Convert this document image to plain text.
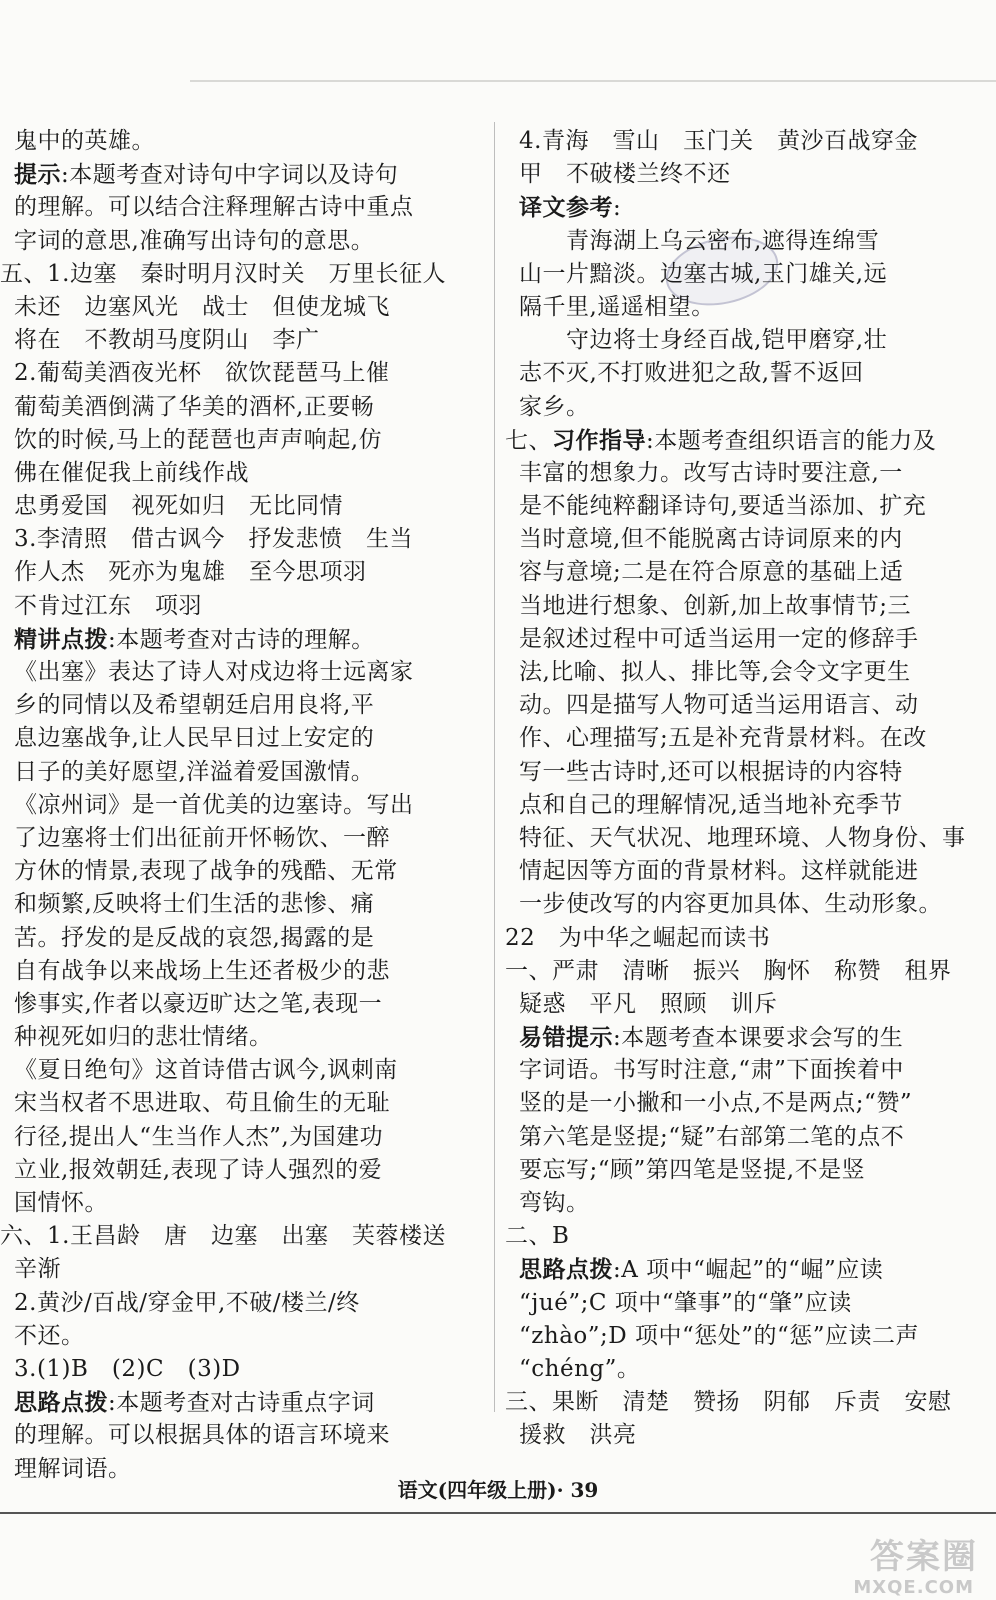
鬼中的英雄。
提示:本题考查对诗句中字词以及诗句
的理解。可以结合注释理解古诗中重点
字词的意思,准确写出诗句的意思。
五、1.边塞　秦时明月汉时关　万里长征人
未还　边塞风光　战士　但使龙城飞
将在　不教胡马度阴山　李广
2.葡萄美酒夜光杯　欲饮琵琶马上催
葡萄美酒倒满了华美的酒杯,正要畅
饮的时候,马上的琵琶也声声响起,仿
佛在催促我上前线作战
忠勇爱国　视死如归　无比同情
3.李清照　借古讽今　抒发悲愤　生当
作人杰　死亦为鬼雄　至今思项羽
不肯过江东　项羽
精讲点拨:本题考查对古诗的理解。
《出塞》表达了诗人对戍边将士远离家
乡的同情以及希望朝廷启用良将,平
息边塞战争,让人民早日过上安定的
日子的美好愿望,洋溢着爱国激情。
《凉州词》是一首优美的边塞诗。写出
了边塞将士们出征前开怀畅饮、一醉
方休的情景,表现了战争的残酷、无常
和频繁,反映将士们生活的悲惨、痛
苦。抒发的是反战的哀怨,揭露的是
自有战争以来战场上生还者极少的悲
惨事实,作者以豪迈旷达之笔,表现一
种视死如归的悲壮情绪。
《夏日绝句》这首诗借古讽今,讽刺南
宋当权者不思进取、苟且偷生的无耻
行径,提出人“生当作人杰”,为国建功
立业,报效朝廷,表现了诗人强烈的爱
国情怀。
六、1.王昌龄　唐　边塞　出塞　芙蓉楼送
辛渐
2.黄沙/百战/穿金甲,不破/楼兰/终
不还。
3.(1)B　(2)C　(3)D
思路点拨:本题考查对古诗重点字词
的理解。可以根据具体的语言环境来
理解词语。
4.青海　雪山　玉门关　黄沙百战穿金
甲　不破楼兰终不还
译文参考:
　　青海湖上乌云密布,遮得连绵雪
山一片黯淡。边塞古城,玉门雄关,远
隔千里,遥遥相望。
　　守边将士身经百战,铠甲磨穿,壮
志不灭,不打败进犯之敌,誓不返回
家乡。
七、习作指导:本题考查组织语言的能力及
丰富的想象力。改写古诗时要注意,一
是不能纯粹翻译诗句,要适当添加、扩充
当时意境,但不能脱离古诗词原来的内
容与意境;二是在符合原意的基础上适
当地进行想象、创新,加上故事情节;三
是叙述过程中可适当运用一定的修辞手
法,比喻、拟人、排比等,会令文字更生
动。四是描写人物可适当运用语言、动
作、心理描写;五是补充背景材料。在改
写一些古诗时,还可以根据诗的内容特
点和自己的理解情况,适当地补充季节
特征、天气状况、地理环境、人物身份、事
情起因等方面的背景材料。这样就能进
一步使改写的内容更加具体、生动形象。
22　为中华之崛起而读书
一、严肃　清晰　振兴　胸怀　称赞　租界
疑惑　平凡　照顾　训斥
易错提示:本题考查本课要求会写的生
字词语。书写时注意,“肃”下面挨着中
竖的是一小撇和一小点,不是两点;“赞”
第六笔是竖提;“疑”右部第二笔的点不
要忘写;“顾”第四笔是竖提,不是竖
弯钩。
二、B
思路点拨:A 项中“崛起”的“崛”应读
“jué”;C 项中“肇事”的“肇”应读
“zhào”;D 项中“惩处”的“惩”应读二声
“chéng”。
三、果断　清楚　赞扬　阴郁　斥责　安慰
援救　洪亮
语文(四年级上册)· 39
答案圈
MXQE.COM
